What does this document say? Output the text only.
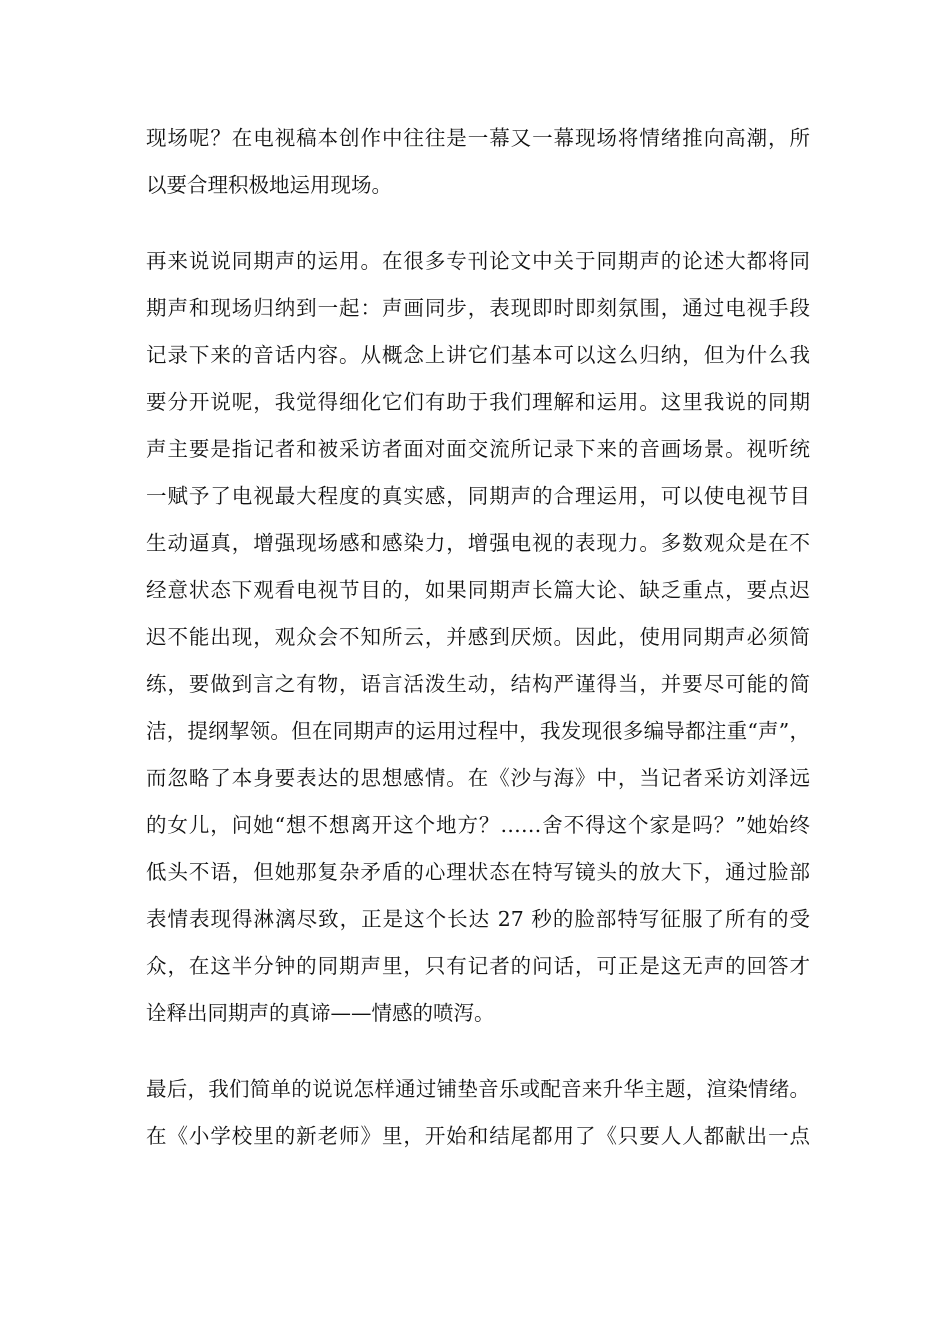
现场呢？在电视稿本创作中往往是一幕又一幕现场将情绪推向高潮，所
以要合理积极地运用现场。
再来说说同期声的运用。在很多专刊论文中关于同期声的论述大都将同
期声和现场归纳到一起：声画同步，表现即时即刻氛围，通过电视手段
记录下来的音话内容。从概念上讲它们基本可以这么归纳，但为什么我
要分开说呢，我觉得细化它们有助于我们理解和运用。这里我说的同期
声主要是指记者和被采访者面对面交流所记录下来的音画场景。视听统
一赋予了电视最大程度的真实感，同期声的合理运用，可以使电视节目
生动逼真，增强现场感和感染力，增强电视的表现力。多数观众是在不
经意状态下观看电视节目的，如果同期声长篇大论、缺乏重点，要点迟
迟不能出现，观众会不知所云，并感到厌烦。因此，使用同期声必须简
练，要做到言之有物，语言活泼生动，结构严谨得当，并要尽可能的简
洁，提纲挈领。但在同期声的运用过程中，我发现很多编导都注重“声”，
而忽略了本身要表达的思想感情。在《沙与海》中，当记者采访刘泽远
的女儿，问她“想不想离开这个地方？……舍不得这个家是吗？”她始终
低头不语，但她那复杂矛盾的心理状态在特写镜头的放大下，通过脸部
表情表现得淋漓尽致，正是这个长达 27 秒的脸部特写征服了所有的受
众，在这半分钟的同期声里，只有记者的问话，可正是这无声的回答才
诠释出同期声的真谛——情感的喷泻。
最后，我们简单的说说怎样通过铺垫音乐或配音来升华主题，渲染情绪。
在《小学校里的新老师》里，开始和结尾都用了《只要人人都献出一点
